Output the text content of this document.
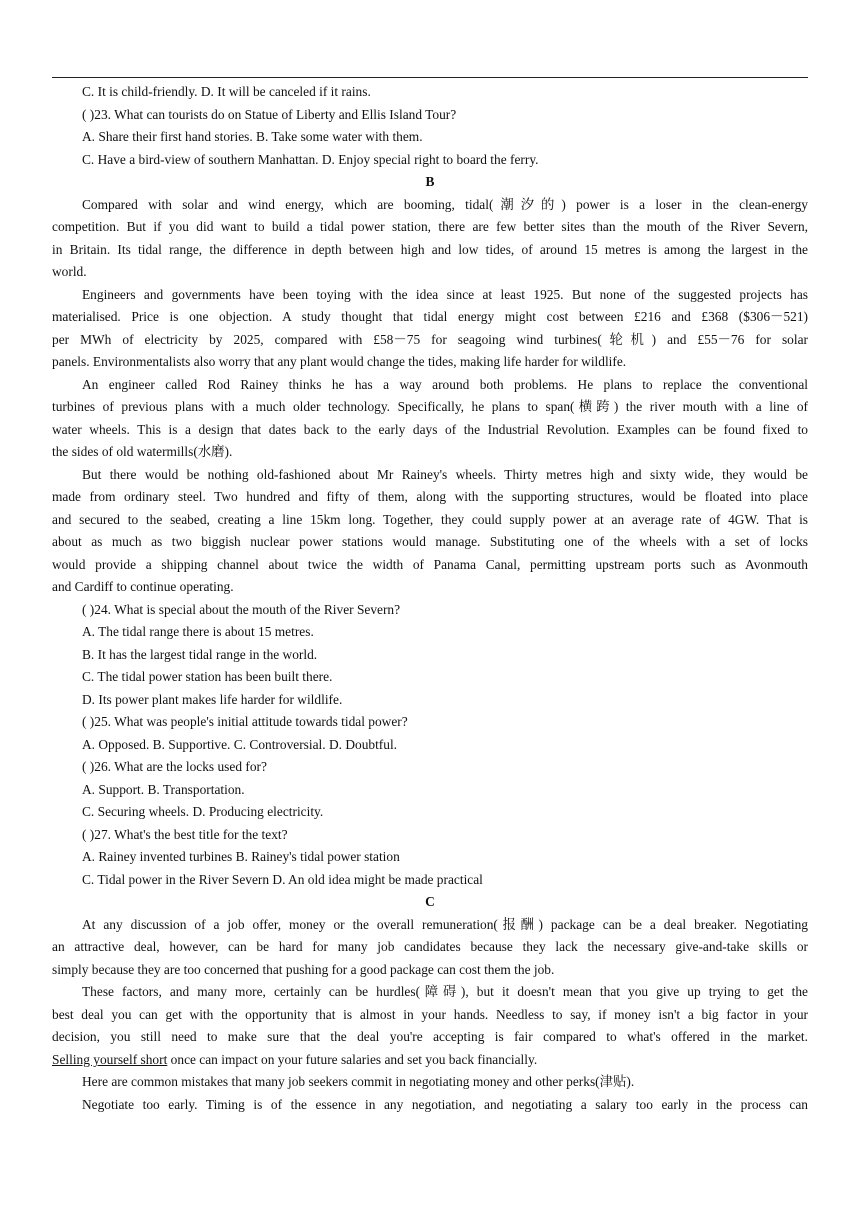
C. It is child‐friendly. D. It will be canceled if it rains.
( )23. What can tourists do on Statue of Liberty and Ellis Island Tour?
A. Share their first hand stories. B. Take some water with them.
C. Have a bird‐view of southern Manhattan. D. Enjoy special right to board the ferry.
B
Compared with solar and wind energy, which are booming, tidal(潮汐的) power is a loser in the clean-energy
competition. But if you did want to build a tidal power station, there are few better sites than the mouth of the River Severn,
in Britain. Its tidal range, the difference in depth between high and low tides, of around 15 metres is among the largest in the
world.
Engineers and governments have been toying with the idea since at least 1925. But none of the suggested projects has
materialised. Price is one objection. A study thought that tidal energy might cost between £216 and £368 ($306－521)
per MWh of electricity by 2025, compared with £58－75 for seagoing wind turbines(轮机) and £55－76 for solar
panels. Environmentalists also worry that any plant would change the tides, making life harder for wildlife.
An engineer called Rod Rainey thinks he has a way around both problems. He plans to replace the conventional
turbines of previous plans with a much older technology. Specifically, he plans to span(横跨) the river mouth with a line of
water wheels. This is a design that dates back to the early days of the Industrial Revolution. Examples can be found fixed to
the sides of old watermills(水磨).
But there would be nothing old‐fashioned about Mr Rainey's wheels. Thirty metres high and sixty wide, they would be
made from ordinary steel. Two hundred and fifty of them, along with the supporting structures, would be floated into place
and secured to the seabed, creating a line 15km long. Together, they could supply power at an average rate of 4GW. That is
about as much as two biggish nuclear power stations would manage. Substituting one of the wheels with a set of locks
would provide a shipping channel about twice the width of Panama Canal, permitting upstream ports such as Avonmouth
and Cardiff to continue operating.
( )24. What is special about the mouth of the River Severn?
A. The tidal range there is about 15 metres.
B. It has the largest tidal range in the world.
C. The tidal power station has been built there.
D. Its power plant makes life harder for wildlife.
( )25. What was people's initial attitude towards tidal power?
A. Opposed. B. Supportive. C. Controversial. D. Doubtful.
( )26. What are the locks used for?
A. Support. B. Transportation.
C. Securing wheels. D. Producing electricity.
( )27. What's the best title for the text?
A. Rainey invented turbines B. Rainey's tidal power station
C. Tidal power in the River Severn D. An old idea might be made practical
C
At any discussion of a job offer, money or the overall remuneration(报酬) package can be a deal breaker. Negotiating
an attractive deal, however, can be hard for many job candidates because they lack the necessary give‐and‐take skills or
simply because they are too concerned that pushing for a good package can cost them the job.
These factors, and many more, certainly can be hurdles(障碍), but it doesn't mean that you give up trying to get the
best deal you can get with the opportunity that is almost in your hands. Needless to say, if money isn't a big factor in your
decision, you still need to make sure that the deal you're accepting is fair compared to what's offered in the market.
Selling yourself short once can impact on your future salaries and set you back financially.
Here are common mistakes that many job seekers commit in negotiating money and other perks(津贴).
Negotiate too early. Timing is of the essence in any negotiation, and negotiating a salary too early in the process can
